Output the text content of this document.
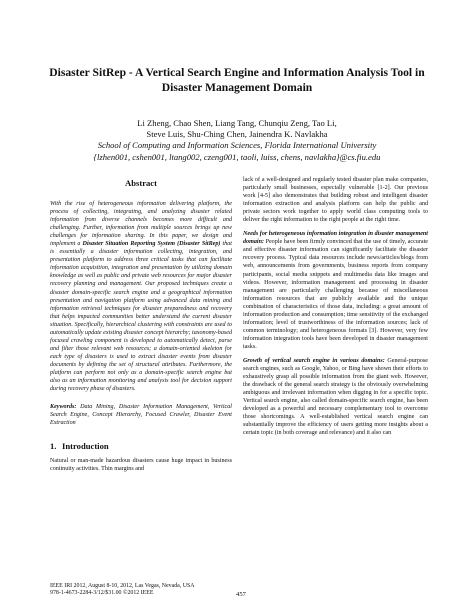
Disaster SitRep - A Vertical Search Engine and Information Analysis Tool in
Disaster Management Domain
Li Zheng, Chao Shen, Liang Tang, Chunqiu Zeng, Tao Li,
Steve Luis, Shu-Ching Chen, Jainendra K. Navlakha
School of Computing and Information Sciences, Florida International University
{lzhen001, cshen001, ltang002, czeng001, taoli, luiss, chens, navlakha}@cs.fiu.edu
Abstract

With the rise of heterogeneous information delivering platform, the process of collecting, integrating, and analyzing disaster related information from diverse channels becomes more difficult and challenging. Further, information from multiple sources brings up new challenges for information sharing. In this paper, we design and implement a Disaster Situation Reporting System (Disaster SitRep) that is essentially a disaster information collecting, integration, and presentation platform to address three critical tasks that can facilitate information acquisition, integration and presentation by utilizing domain knowledge as well as public and private web resources for major disaster recovery planning and management. Our proposed techniques create a disaster domain-specific search engine and a geographical information presentation and navigation platform using advanced data mining and information retrieval techniques for disaster preparedness and recovery that helps impacted communities better understand the current disaster situation. Specifically, hierarchical clustering with constraints are used to automatically update existing disaster concept hierarchy; taxonomy-based focused crawling component is developed to automatically detect, parse and filter those relevant web resources; a domain-oriented skeleton for each type of disasters is used to extract disaster events from disaster documents by defining the set of structural attributes. Furthermore, the platform can perform not only as a domain-specific search engine but also as an information monitoring and analysis tool for decision support during recovery phase of disasters.

Keywords: Data Mining, Disaster Information Management, Vertical Search Engine, Concept Hierarchy, Focused Crawler, Disaster Event Extraction

1. Introduction

Natural or man-made hazardous disasters cause huge impact in business continuity activities. Thin margins and

lack of a well-designed and regularly tested disaster plan make companies, particularly small businesses, especially vulnerable [1-2]. Our previous work [4-5] also demonstrates that building robust and intelligent disaster information extraction and analysis platform can help the public and private sectors work together to apply world class computing tools to deliver the right information to the right people at the right time.

Needs for heterogeneous information integration in disaster management domain: People have been firmly convinced that the use of timely, accurate and effective disaster information can significantly facilitate the disaster recovery process. Typical data resources include news/articles/blogs from web, announcements from governments, business reports from company participants, social media snippets and multimedia data like images and videos. However, information management and processing in disaster management are particularly challenging because of miscellaneous information resources that are publicly available and the unique combination of characteristics of those data, including: a great amount of information production and consumption; time sensitivity of the exchanged information; level of trustworthiness of the information sources; lack of common terminology; and heterogeneous formats [3]. However, very few information integration tools have been developed in disaster management tasks.

Growth of vertical search engine in various domains: General-purpose search engines, such as Google, Yahoo, or Bing have shown their efforts to exhaustively grasp all possible information from the giant web. However, the drawback of the general search strategy is the obviously overwhelming ambiguous and irrelevant information when digging in for a specific topic. Vertical search engine, also called domain-specific search engine, has been developed as a powerful and necessary complementary tool to overcome those shortcomings. A well-established vertical search engine can substantially improve the efficiency of users getting more insights about a certain topic (in both coverage and relevance) and it also can

IEEE IRI 2012, August 8-10, 2012, Las Vegas, Nevada, USA
978-1-4673-2284-3/12/$31.00 ©2012 IEEE	457
